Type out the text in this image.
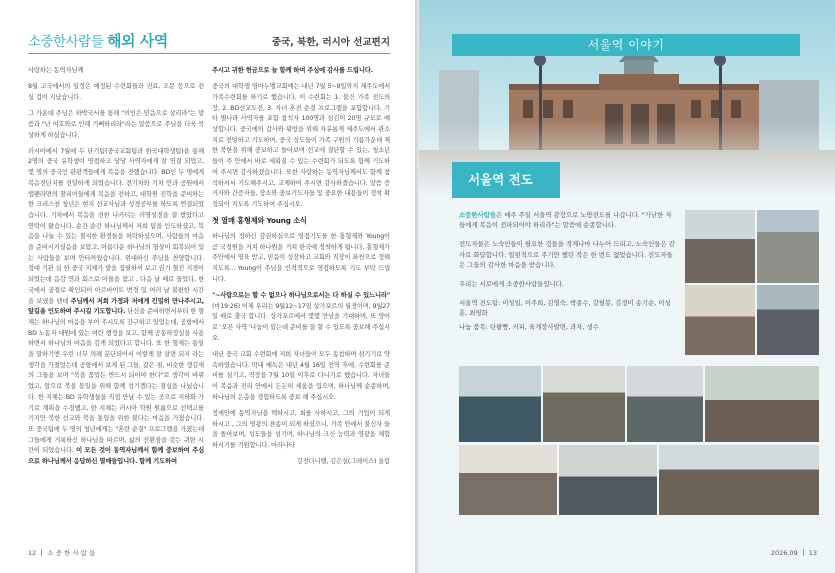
소중한사람들 해외 사역	중국, 북한, 러시아 선교편지

사랑하는 동역자님께

8월 고국에서의 일정은 예정된 수련회들과 진료, 조문 등으로 쉰 실 겁이 지났습니다.

그 가운데 주님은 하박국서를 통해 "의인은 믿음으로 살리라"는 말씀과 "난 여호와로 인해 기뻐하리라"라는 말씀으로 주님을 더욱 묵상하게 하셨습니다.

러시아에서 7월에 두 단기팀(중국교회팀과 한국대학생팀)을 통해 2명의 중국 유학생이 영접하고 당당 사역자에게 잘 연결 되었고, 몇 명의 중국인 관광객들에게 복음을 전했습니다. BD인 두 명에게 복음전단지를 전달하게 되었습니다. 전기차와 기차 안과 공원에서 앱팬라면의 찰리이들에게 복음을 전하고, 대학원 진학을 준비하는 한 크리스천 청년은 현지 선교사님과 성경공부를 하도록 연결되었습니다. 기차에서 복음을 전한 나카티는 러명성경을 잘 받았다고 연락이 왔습니다. 순간 순간 하나님께서 저희 팀을 인도하셨고, 복음을 나눌 수 있는 철저한 환경들을 허락하셨으며, 사람들의 마음을 준비시키셨음을 보았고, 아름다운 하나님의 형상이 회복되어 있는 사람들을 보며 안타까웠습니다. 위대하신 주님을 찬양합니다. 정대 기관 실 한 중국 지체가 발을 집필하셔 보고 권기 혈진 지경이 되었는데 음감 연과 회스로 아물을 참고 , 다음 날 배로 들었다, 한국에서 골절로 확인되어 아르바이트 변경 및 여러 날 불편한 시간을 보냈을 텐데 주님께서 저희 가정과 저에게 긴밀히 만나주시고, 앞길을 인도하여 주시길 기도합니다. 단선을 준비하면서부터 한 형제는 하나님의 마음을 부어 주시도록 간구하고 있었는데, 공항에서 BD 노동자 대원에 있는 여란 행정을 보고, 함께 공동하장실을 사용하면서 하나님의 마음을 깊게 되었다고 합니다. 또 한 형제는 통일을 말하기엔 우린 너무 의례 분단되어서 이렇게 잘 살면 되지 라는 생각을 가졌었는데 공항에서 보게 된 그들, 같은 핏, 비슷한 생김새의 그들을 보며 "북을 품었든 반드시 되어야 한다"로 생각이 바뀌었고, 앞으로 북을 통일을 위해 함께 성기겠다는 결심을 나눴습니다. 한 지체는 BD 유학생들을 직접 만날 수 있는 곳으로 지하화 가기로 계획을 수정했고, 한 지체는 러시아 학원 원룸으로 선택고를 기지만 북한 선교와 북을 통일을 위한 불다는 마음을 가졌습니다. 또 중국팀에 두 명의 청년에게는 "혼란 순결" 프로그램을 가졌는데 그들에게 거룩하신 하나님을 따르며, 삶의 전환점을 갖는 귀한 시간이 되었습니다. 이 모든 것이 동역자님께서 함께 중보하여 주심으로 하나님께서 응답하신 열매들입니다. 함께 기도하여

주시고 귀한 헌금으로 늘 함께 하여 주심에 감사를 드립니다.

중국의 대학생 염마누엘교회에는 내년 7월 5~9일까지 제주도에서 가족수련회를 하기로 했습니다. 이 수련회는 1. 불신 가족 전도의 장, 2. BD선교도전, 3. 자녀 혼전 순결 프로그램을 포함합니다. 기타 별나라 사역자를 포함 참석자 100명과 섬김이 20명 규모로 예상합니다. 중국에의 갑사와 뭐방을 위해 자유롭게 제주도에서 관소지로 전망하고 기도하며, 중국 성도들이 가족 구원의 기름가운데 제한 북한을 위해 중보하고 돌아보며 선교에 결단할 수 있는, 청소년들이 주 안에서 바로 세워질 수 있는 수련회가 되도록 함께 기도하여 주시면 감사하겠습니다. 또한 사랑하는 동역자님께서도 함께 참석하셔서 기도해주시고, 교제하여 주시면 감사하겠습니다. 말씀 증거자와 간증자들, 장소와 중보기도자들 및 중요한 내용들이 정착 확정되어 지도록 기도하여 주십시오.

첫 열매 홍형제와 Young 소식

하나님의 정하신 감권하심으로 영접기도를 한 홍형제와 Young이 곧 국정원을 거쳐 하나원을 거쳐 한국에 정착하게 됩니다. 홍형제가 주안에서 영육 받고, 믿음이 성장하고 교회와 직장이 좌천으로 정해지도록... Young이 주님을 인격적으로 영접하도록 기도 부탁 드립니다.

"~사람으로는 할 수 없으나 하나님으로서는 다 하실 수 있느니라"(마19:26) 이제 우리는 9월12~17일 상가포르의 월경이며, 9월27일 배로 출국 합니다. 상가포르에서 몇몇 만남을 기대하며, 또 영어로 '오픈 사역 '나눔이 있는데 준비를 잘 할 수 있도록 중보해 주십시오.

내년 중국 교회 수련회에 저희 자녀들이 모두 동참하며 섬기기로 약속하였습니다. 막내 예녹은 내년 4월 16일 전역 후에, 수련회를 준비를 섬기고, 직장을 7월 10일 이후로 다니기로 했습니다. 자녀들이 복음과 진리 안에서 든든히 세움을 입으며, 하나님께 순종하며, 하나님의 은총을 경험하도록 중보 해 주십시오.

정세안에 동역자님을 택하시고, 최를 사하시고, 그의 기업이 되게 하시고 , 그의 영광의 찬송이 되게 하셨으니, 가족 안에서 불신자 들을 돌아보며, 성도들을 섬기며, 하나님의 크신 능력과 영광을 체험 하시기를 기원합니다. 마라나타

강전다니엘, 김은실(그레이스) 올림
12 소 중 한 사 람 들
서울역 이야기
서울역 전도

소중한사람들은 매주 주일 서울역 광장으로 노방전도를 나갑니다. "가난한 자들에게 복음이 전파되어야 하리라"는 말씀에 순종합니다.

전도자들은 노숙인들이 필요한 것들을 적게나마 나누어 드리고, 노숙인들은 감사로 화답합니다. 얼핏적으로 주기만 했던 작은 한 번도 없었습니다. 전도자들은 그들의 감사한 마음을 받습니다.

우리는 서로에게 소중한사람들입니다.

서울역 전도팀: 이성일, 이주희, 김영숙, 박종수, 강필봉, 김정미 송기순, 이성훈, 최영화

나눔 품목: 단팥빵, 커피, 육개장사발면, 과자, 생수

2026.09 13
